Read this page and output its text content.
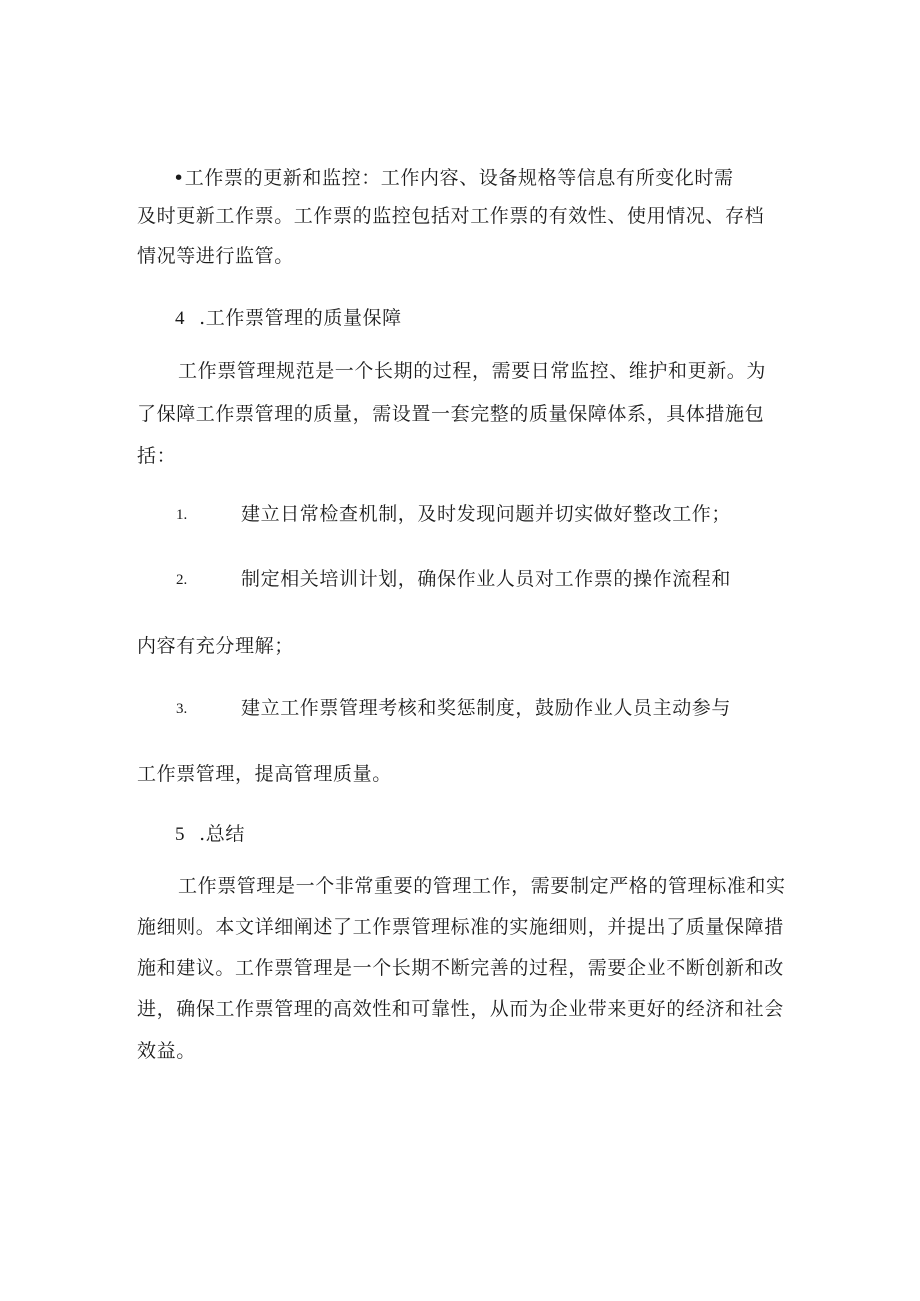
•工作票的更新和监控：工作内容、设备规格等信息有所变化时需
及时更新工作票。工作票的监控包括对工作票的有效性、使用情况、存档
情况等进行监管。
4 .工作票管理的质量保障
工作票管理规范是一个长期的过程，需要日常监控、维护和更新。为
了保障工作票管理的质量，需设置一套完整的质量保障体系，具体措施包
括：
1.	建立日常检查机制，及时发现问题并切实做好整改工作；
2.	制定相关培训计划，确保作业人员对工作票的操作流程和
内容有充分理解；
3.	建立工作票管理考核和奖惩制度，鼓励作业人员主动参与
工作票管理，提高管理质量。
5 .总结
工作票管理是一个非常重要的管理工作，需要制定严格的管理标准和实
施细则。本文详细阐述了工作票管理标准的实施细则，并提出了质量保障措
施和建议。工作票管理是一个长期不断完善的过程，需要企业不断创新和改
进，确保工作票管理的高效性和可靠性，从而为企业带来更好的经济和社会
效益。
